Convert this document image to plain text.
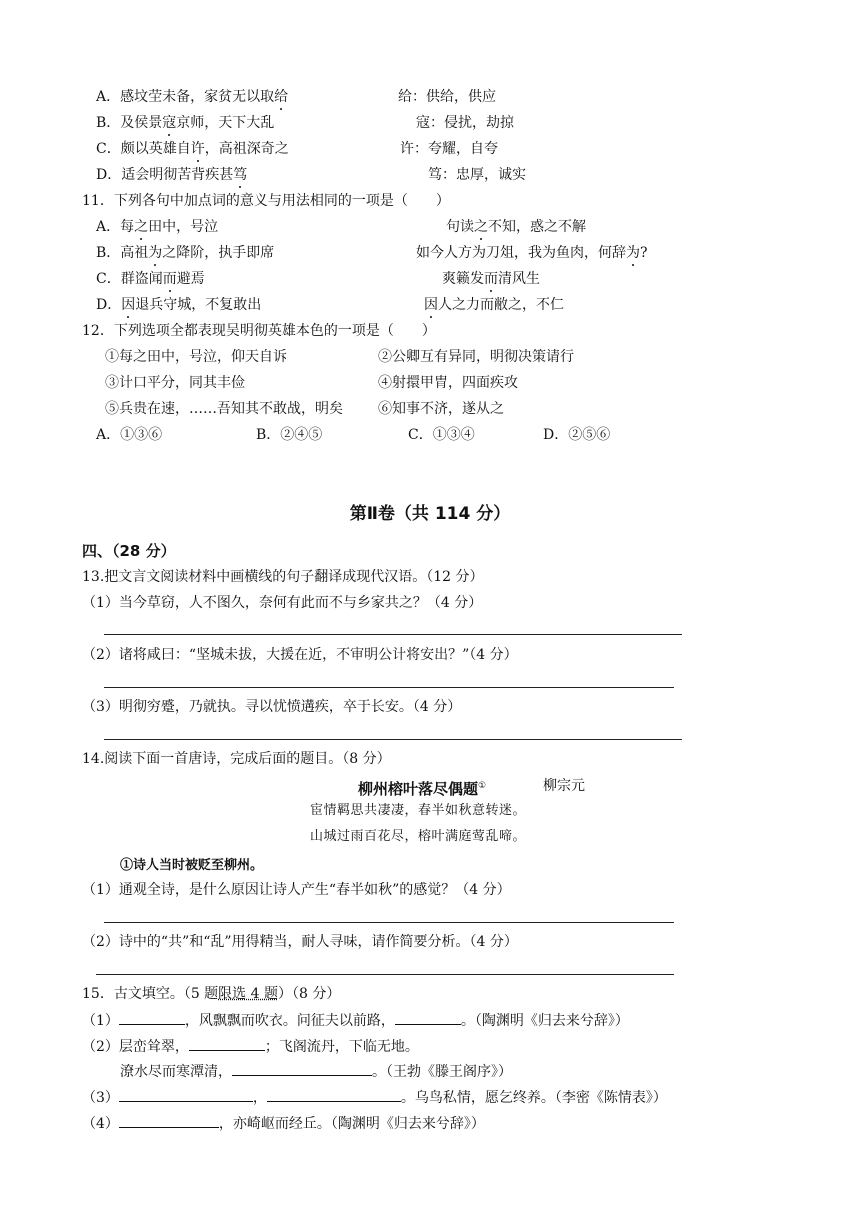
A．感坟茔未备，家贫无以取给	给：供给，供应
B．及侯景寇京师，天下大乱	寇：侵扰，劫掠
C．颇以英雄自许，高祖深奇之	许：夸耀，自夸
D．适会明彻苦背疾甚笃	笃：忠厚，诚实
11．下列各句中加点词的意义与用法相同的一项是（　　）
A．每之田中，号泣	句读之不知，惑之不解
B．高祖为之降阶，执手即席	如今人方为刀俎，我为鱼肉，何辞为?
C．群盗闻而避焉	爽籁发而清风生
D．因退兵守城，不复敢出	因人之力而敝之，不仁
12．下列选项全都表现吴明彻英雄本色的一项是（　　）
①每之田中，号泣，仰天自诉	②公卿互有异同，明彻决策请行
③计口平分，同其丰俭	④射擐甲胄，四面疾攻
⑤兵贵在速，……吾知其不敢战，明矣	⑥知事不济，遂从之
A．①③⑥	B．②④⑤	C．①③④	D．②⑤⑥
第Ⅱ卷（共 114 分）
四、（28 分）
13.把文言文阅读材料中画横线的句子翻译成现代汉语。（12 分）
（1）当今草窃，人不图久，奈何有此而不与乡家共之？（4 分）
（2）诸将咸曰：“坚城未拔，大援在近，不审明公计将安出？”（4 分）
（3）明彻穷蹙，乃就执。寻以忧愤遘疾，卒于长安。（4 分）
14.阅读下面一首唐诗，完成后面的题目。（8 分）
柳州榕叶落尽偶题①	柳宗元
宦情羁思共凄凄，春半如秋意转迷。
山城过雨百花尽，榕叶满庭莺乱啼。
①诗人当时被贬至柳州。
（1）通观全诗，是什么原因让诗人产生“春半如秋”的感觉？（4 分）
（2）诗中的“共”和“乱”用得精当，耐人寻味，请作简要分析。（4 分）
15．古文填空。（5 题限选 4 题）（8 分）
（1）	，风飘飘而吹衣。问征夫以前路，	。（陶渊明《归去来兮辞》）
（2）层峦耸翠，	；飞阁流丹，下临无地。
潦水尽而寒潭清，	。（王勃《滕王阁序》）
（3）	，	。乌鸟私情，愿乞终养。（李密《陈情表》）
（4）	，亦崎岖而经丘。（陶渊明《归去来兮辞》）
